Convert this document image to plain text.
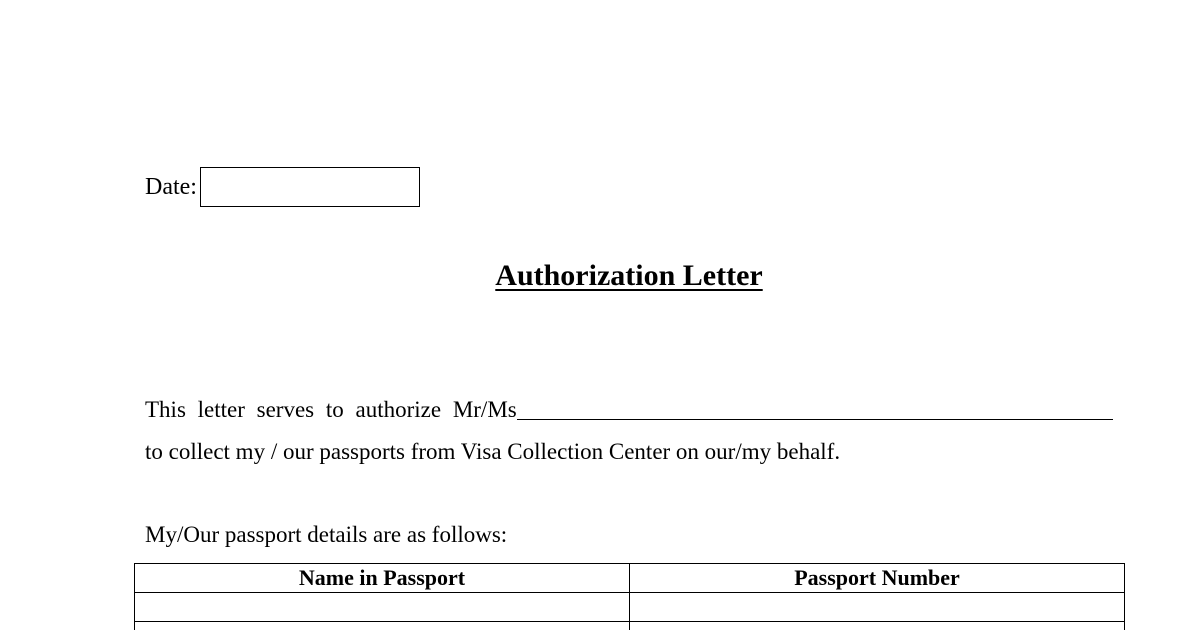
Date:
Authorization Letter
This letter serves to authorize Mr/Ms
to collect my / our passports from Visa Collection Center on our/my behalf.
My/Our passport details are as follows:
Name in Passport	Passport Number
